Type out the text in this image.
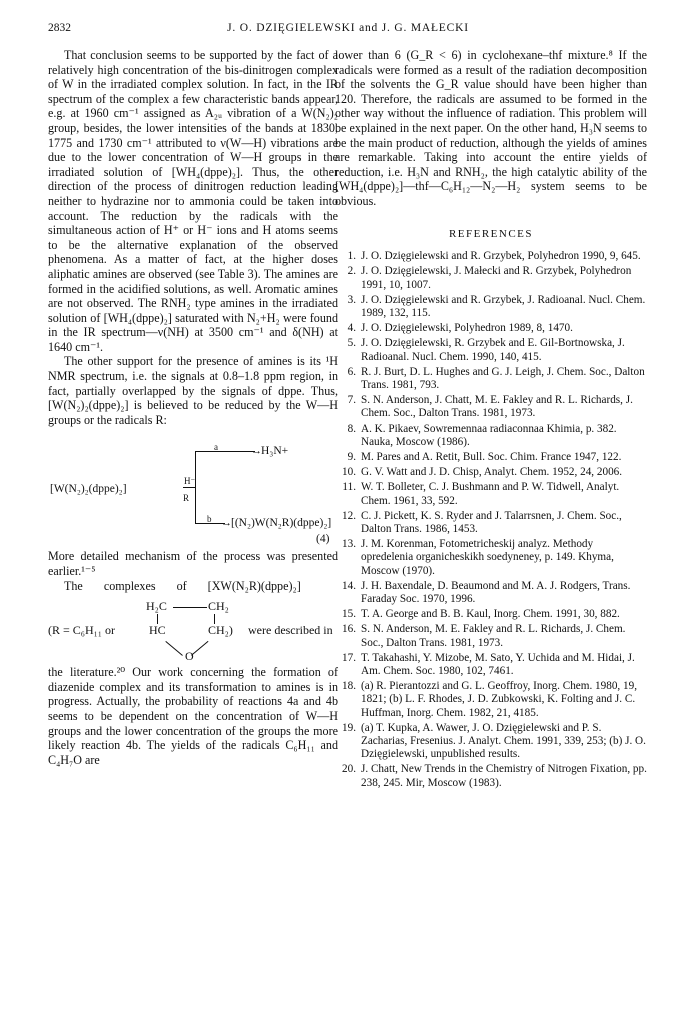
2832	J. O. DZIĘGIELEWSKI and J. G. MAŁECKI

That conclusion seems to be supported by the fact of a relatively high concentration of the bis-dinitrogen complex of W in the irradiated complex solution. In fact, in the IR spectrum of the complex a few characteristic bands appear, e.g. at 1960 cm⁻¹ assigned as A₂ᵤ vibration of a W(N₂)₂ group, besides, the lower intensities of the bands at 1830, 1775 and 1730 cm⁻¹ attributed to ν(W—H) vibrations are due to the lower concentration of W—H groups in the irradiated solution of [WH₄(dppe)₂]. Thus, the other direction of the process of dinitrogen reduction leading neither to hydrazine nor to ammonia could be taken into account. The reduction by the radicals with the simultaneous action of H⁺ or H⁻ ions and H atoms seems to be the alternative explanation of the observed phenomena. As a matter of fact, at the higher doses aliphatic amines are observed (see Table 3). The amines are formed in the acidified solutions, as well. Aromatic amines are not observed. The RNH₂ type amines in the irradiated solution of [WH₄(dppe)₂] saturated with N₂+H₂ were found in the IR spectrum—ν(NH) at 3500 cm⁻¹ and δ(NH) at 1640 cm⁻¹.

The other support for the presence of amines is its ¹H NMR spectrum, i.e. the signals at 0.8–1.8 ppm region, in fact, partially overlapped by the signals of dppe. Thus, [W(N₂)₂(dppe)₂] is believed to be reduced by the W—H groups or the radicals R:

[W(N₂)₂(dppe)₂]
H⁻
R
→
a	H₃N+
→
b [(N₂)W(N₂R)(dppe)₂]
(4)

More detailed mechanism of the process was presented earlier.¹⁻⁵

The complexes of [XW(N₂R)(dppe)₂]

(R = C₆H₁₁ or
H₂C	CH₂
HC	CH₂)
O
were described in

the literature.²⁰ Our work concerning the formation of diazenide complex and its transformation to amines is in progress. Actually, the probability of reactions 4a and 4b seems to be dependent on the concentration of W—H groups and the lower concentration of the groups the more likely reaction 4b. The yields of the radicals C₆H₁₁ and C₄H₇O are

lower than 6 (G_R < 6) in cyclohexane–thf mixture.⁸ If the radicals were formed as a result of the radiation decomposition of the solvents the G_R value should have been higher than 120. Therefore, the radicals are assumed to be formed in the other way without the influence of radiation. This problem will be explained in the next paper. On the other hand, H₃N seems to be the main product of reduction, although the yields of amines are remarkable. Taking into account the entire yields of reduction, i.e. H₃N and RNH₂, the high catalytic ability of the [WH₄(dppe)₂]—thf—C₆H₁₂—N₂—H₂ system seems to be obvious.

REFERENCES
1. J. O. Dzięgielewski and R. Grzybek, Polyhedron 1990, 9, 645.
2. J. O. Dzięgielewski, J. Małecki and R. Grzybek, Polyhedron 1991, 10, 1007.
3. J. O. Dzięgielewski and R. Grzybek, J. Radioanal. Nucl. Chem. 1989, 132, 115.
4. J. O. Dzięgielewski, Polyhedron 1989, 8, 1470.
5. J. O. Dzięgielewski, R. Grzybek and E. Gil-Bortnowska, J. Radioanal. Nucl. Chem. 1990, 140, 415.
6. R. J. Burt, D. L. Hughes and G. J. Leigh, J. Chem. Soc., Dalton Trans. 1981, 793.
7. S. N. Anderson, J. Chatt, M. E. Fakley and R. L. Richards, J. Chem. Soc., Dalton Trans. 1981, 1973.
8. A. K. Pikaev, Sowremennaa radiaconnaa Khimia, p. 382. Nauka, Moscow (1986).
9. M. Pares and A. Retit, Bull. Soc. Chim. France 1947, 122.
10. G. V. Watt and J. D. Chisp, Analyt. Chem. 1952, 24, 2006.
11. W. T. Bolleter, C. J. Bushmann and P. W. Tidwell, Analyt. Chem. 1961, 33, 592.
12. C. J. Pickett, K. S. Ryder and J. Talarrsnen, J. Chem. Soc., Dalton Trans. 1986, 1453.
13. J. M. Korenman, Fotometricheskij analyz. Methody opredelenia organicheskikh soedyneney, p. 149. Khyma, Moscow (1970).
14. J. H. Baxendale, D. Beaumond and M. A. J. Rodgers, Trans. Faraday Soc. 1970, 1996.
15. T. A. George and B. B. Kaul, Inorg. Chem. 1991, 30, 882.
16. S. N. Anderson, M. E. Fakley and R. L. Richards, J. Chem. Soc., Dalton Trans. 1981, 1973.
17. T. Takahashi, Y. Mizobe, M. Sato, Y. Uchida and M. Hidai, J. Am. Chem. Soc. 1980, 102, 7461.
18. (a) R. Pierantozzi and G. L. Geoffroy, Inorg. Chem. 1980, 19, 1821; (b) L. F. Rhodes, J. D. Zubkowski, K. Folting and J. C. Huffman, Inorg. Chem. 1982, 21, 4185.
19. (a) T. Kupka, A. Wawer, J. O. Dzięgielewski and P. S. Zacharias, Fresenius. J. Analyt. Chem. 1991, 339, 253; (b) J. O. Dzięgielewski, unpublished results.
20. J. Chatt, New Trends in the Chemistry of Nitrogen Fixation, pp. 238, 245. Mir, Moscow (1983).
